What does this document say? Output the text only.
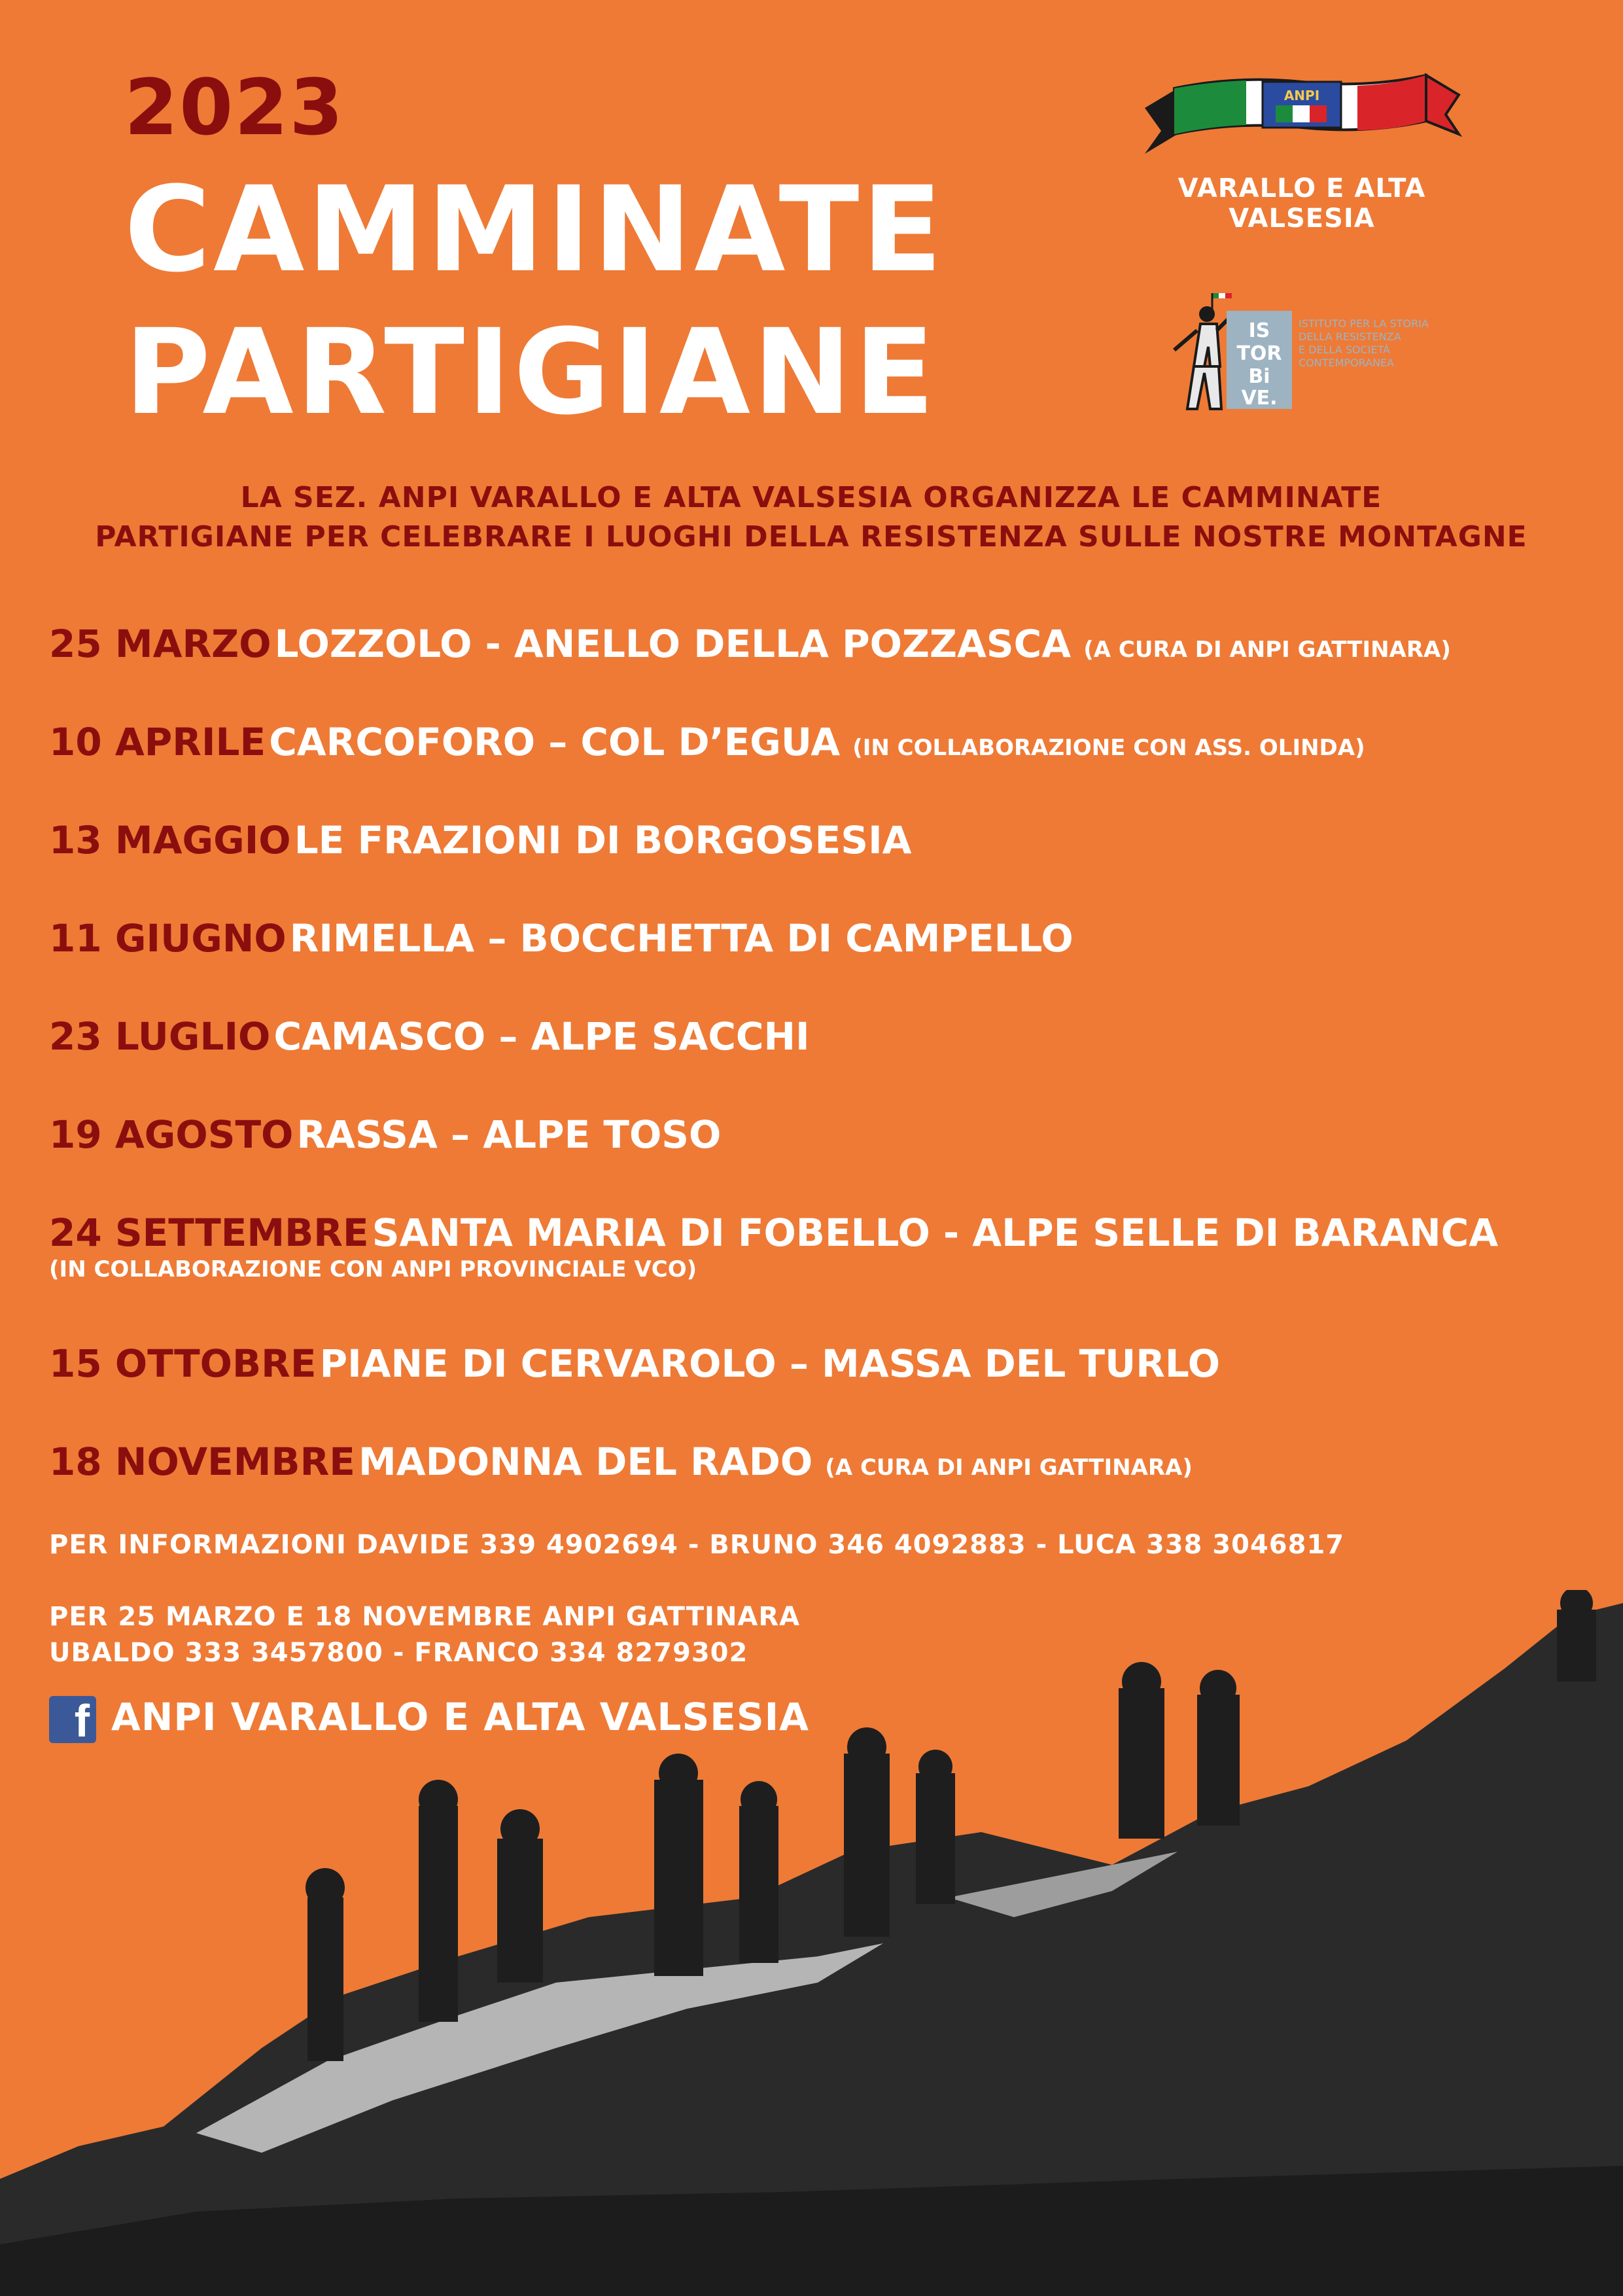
2023
CAMMINATE
PARTIGIANE
ANPI
VARALLO E ALTA VALSESIA
IS
TOR
Bi
VE.
ISTITUTO PER LA STORIA
DELLA RESISTENZA
E DELLA SOCIETÀ
CONTEMPORANEA
LA SEZ. ANPI VARALLO E ALTA VALSESIA ORGANIZZA LE CAMMINATE
PARTIGIANE PER CELEBRARE I LUOGHI DELLA RESISTENZA SULLE NOSTRE MONTAGNE
25 MARZO LOZZOLO - ANELLO DELLA POZZASCA (A CURA DI ANPI GATTINARA)
10 APRILE CARCOFORO – COL D’EGUA (IN COLLABORAZIONE CON ASS. OLINDA)
13 MAGGIO LE FRAZIONI DI BORGOSESIA
11 GIUGNO RIMELLA – BOCCHETTA DI CAMPELLO
23 LUGLIO CAMASCO – ALPE SACCHI
19 AGOSTO RASSA – ALPE TOSO
24 SETTEMBRE SANTA MARIA DI FOBELLO - ALPE SELLE DI BARANCA
(IN COLLABORAZIONE CON ANPI PROVINCIALE VCO)
15 OTTOBRE PIANE DI CERVAROLO – MASSA DEL TURLO
18 NOVEMBRE MADONNA DEL RADO (A CURA DI ANPI GATTINARA)
PER INFORMAZIONI DAVIDE 339 4902694 - BRUNO 346 4092883 - LUCA 338 3046817
PER 25 MARZO E 18 NOVEMBRE ANPI GATTINARA
UBALDO 333 3457800 - FRANCO 334 8279302
f ANPI VARALLO E ALTA VALSESIA
